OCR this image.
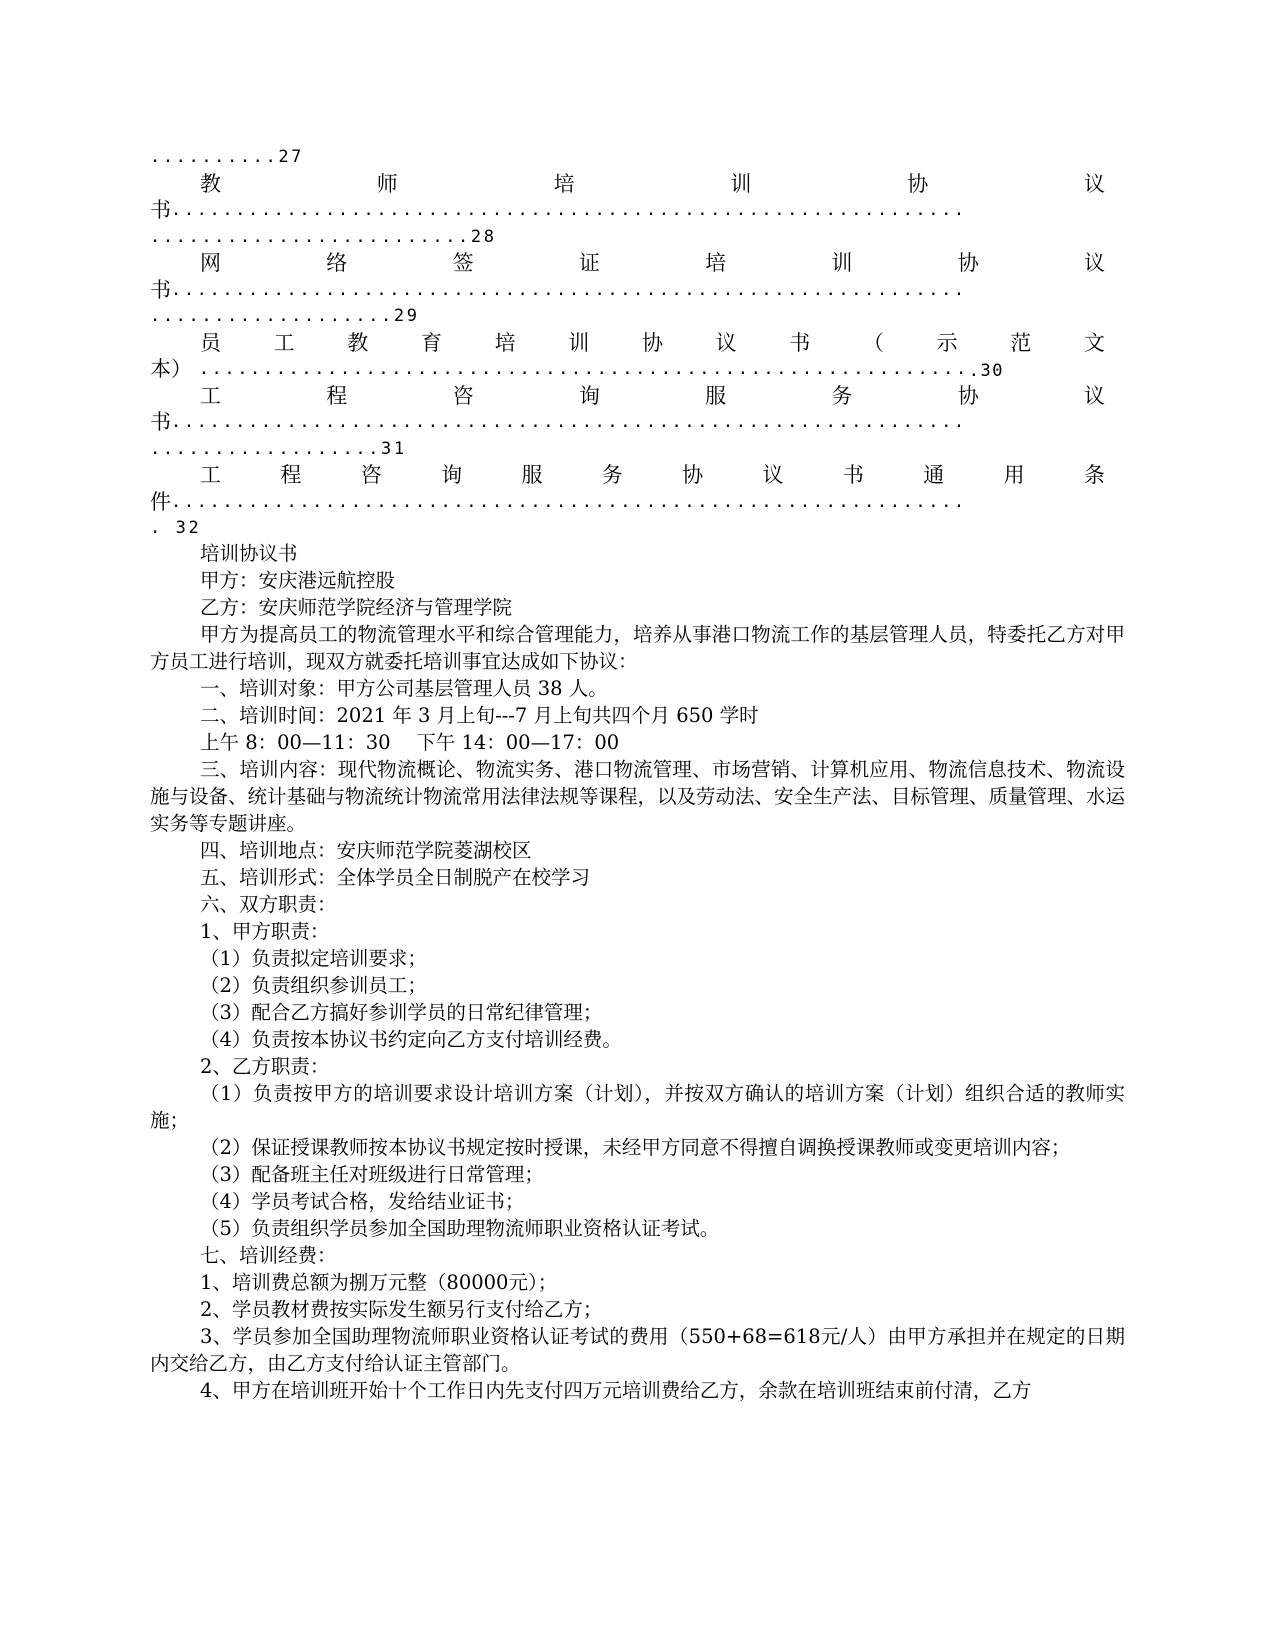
..........27
教	师	培	训	协	议
书..............................................................
.........................28
网	络	签	证	培	训	协	议
书..............................................................
...................29
员	工	教	育	培	训	协	议	书	（	示	范	文
本） .............................................................30
工	程	咨	询	服	务	协	议
书..............................................................
..................31
工	程	咨	询	服	务	协	议	书	通	用	条
件..............................................................
. 32

培训协议书

甲方：安庆港远航控股

乙方：安庆师范学院经济与管理学院

甲方为提高员工的物流管理水平和综合管理能力，培养从事港口物流工作的基层管理人员，特委托乙方对甲方员工进行培训，现双方就委托培训事宜达成如下协议：

一、培训对象：甲方公司基层管理人员 38 人。

二、培训时间：2021 年 3 月上旬---7 月上旬共四个月 650 学时

上午 8：00—11：30　 下午 14：00—17：00

三、培训内容：现代物流概论、物流实务、港口物流管理、市场营销、计算机应用、物流信息技术、物流设施与设备、统计基础与物流统计物流常用法律法规等课程，以及劳动法、安全生产法、目标管理、质量管理、水运实务等专题讲座。

四、培训地点：安庆师范学院菱湖校区

五、培训形式：全体学员全日制脱产在校学习

六、双方职责：

1、甲方职责：

（1）负责拟定培训要求；

（2）负责组织参训员工；

（3）配合乙方搞好参训学员的日常纪律管理；

（4）负责按本协议书约定向乙方支付培训经费。

2、乙方职责：

（1）负责按甲方的培训要求设计培训方案（计划），并按双方确认的培训方案（计划）组织合适的教师实施；

（2）保证授课教师按本协议书规定按时授课，未经甲方同意不得擅自调换授课教师或变更培训内容；

（3）配备班主任对班级进行日常管理；

（4）学员考试合格，发给结业证书；

（5）负责组织学员参加全国助理物流师职业资格认证考试。

七、培训经费：

1、培训费总额为捌万元整（80000元）；

2、学员教材费按实际发生额另行支付给乙方；

3、学员参加全国助理物流师职业资格认证考试的费用（550+68=618元/人）由甲方承担并在规定的日期内交给乙方，由乙方支付给认证主管部门。

4、甲方在培训班开始十个工作日内先支付四万元培训费给乙方，余款在培训班结束前付清，乙方
